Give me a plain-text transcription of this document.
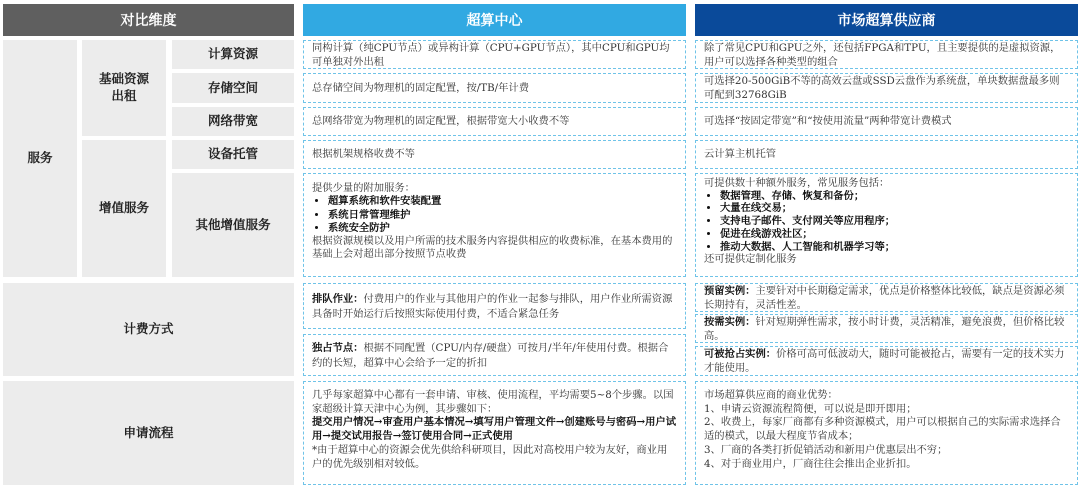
对比维度	超算中心	市场超算供应商
服务
基础资源出租
增值服务
计算资源
存储空间
网络带宽
设备托管
其他增值服务
计费方式
申请流程
同构计算（纯CPU节点）或异构计算（CPU+GPU节点），其中CPU和GPU均可单独对外出租
总存储空间为物理机的固定配置，按/TB/年计费
总网络带宽为物理机的固定配置，根据带宽大小收费不等
根据机架规格收费不等

提供少量的附加服务：

• 超算系统和软件安装配置
• 系统日常管理维护
• 系统安全防护

根据资源规模以及用户所需的技术服务内容提供相应的收费标准，在基本费用的基础上会对超出部分按照节点收费

排队作业：付费用户的作业与其他用户的作业一起参与排队，用户作业所需资源具备时开始运行后按照实际使用付费，不适合紧急任务
独占节点：根据不同配置（CPU/内存/硬盘）可按月/半年/年使用付费。根据合约的长短，超算中心会给予一定的折扣

几乎每家超算中心都有一套申请、审核、使用流程，平均需要5~8个步骤。以国家超级计算天津中心为例，其步骤如下：

提交用户情况→审查用户基本情况→填写用户管理文件→创建账号与密码→用户试用→提交试用报告→签订使用合同→正式使用

*由于超算中心的资源会优先供给科研项目，因此对高校用户较为友好，商业用户的优先级别相对较低。

除了常见CPU和GPU之外，还包括FPGA和TPU，且主要提供的是虚拟资源，用户可以选择各种类型的组合
可选择20-500GiB不等的高效云盘或SSD云盘作为系统盘，单块数据盘最多则可配到32768GiB
可选择“按固定带宽”和“按使用流量”两种带宽计费模式
云计算主机托管

可提供数十种额外服务，常见服务包括：

• 数据管理、存储、恢复和备份；
• 大量在线交易；
• 支持电子邮件、支付网关等应用程序；
• 促进在线游戏社区；
• 推动大数据、人工智能和机器学习等；

还可提供定制化服务

预留实例：主要针对中长期稳定需求，优点是价格整体比较低，缺点是资源必须长期持有，灵活性差。
按需实例：针对短期弹性需求，按小时计费，灵活精准，避免浪费，但价格比较高。
可被抢占实例：价格可高可低波动大，随时可能被抢占，需要有一定的技术实力才能使用。

市场超算供应商的商业优势：

1、申请云资源流程简便，可以说是即开即用；

2、收费上，每家厂商都有多种资源模式，用户可以根据自己的实际需求选择合适的模式，以最大程度节省成本；

3、厂商的各类打折促销活动和新用户优惠层出不穷；

4、对于商业用户，厂商往往会推出企业折扣。
